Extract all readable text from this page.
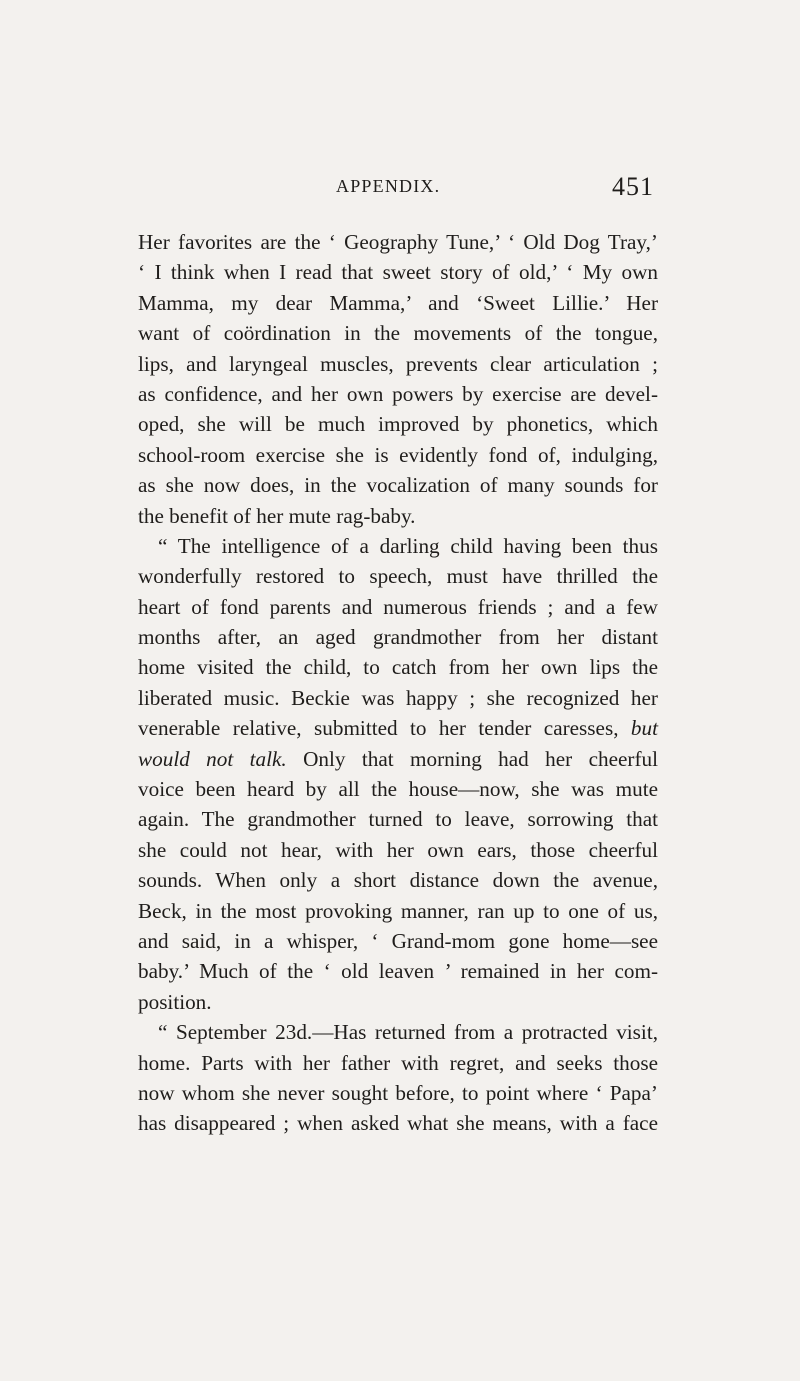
APPENDIX.	451
Her favorites are the ‘ Geography Tune,’ ‘ Old Dog Tray,’
‘ I think when I read that sweet story of old,’ ‘ My own
Mamma, my dear Mamma,’ and ‘Sweet Lillie.’ Her
want of coördination in the movements of the tongue,
lips, and laryngeal muscles, prevents clear articulation ;
as confidence, and her own powers by exercise are devel-
oped, she will be much improved by phonetics, which
school-room exercise she is evidently fond of, indulging,
as she now does, in the vocalization of many sounds for
the benefit of her mute rag-baby.
“ The intelligence of a darling child having been thus
wonderfully restored to speech, must have thrilled the
heart of fond parents and numerous friends ; and a few
months after, an aged grandmother from her distant
home visited the child, to catch from her own lips the
liberated music. Beckie was happy ; she recognized her
venerable relative, submitted to her tender caresses, but
would not talk. Only that morning had her cheerful
voice been heard by all the house—now, she was mute
again. The grandmother turned to leave, sorrowing that
she could not hear, with her own ears, those cheerful
sounds. When only a short distance down the avenue,
Beck, in the most provoking manner, ran up to one of us,
and said, in a whisper, ‘ Grand-mom gone home—see
baby.’ Much of the ‘ old leaven ’ remained in her com-
position.
“ September 23d.—Has returned from a protracted visit,
home. Parts with her father with regret, and seeks those
now whom she never sought before, to point where ‘ Papa’
has disappeared ; when asked what she means, with a face
